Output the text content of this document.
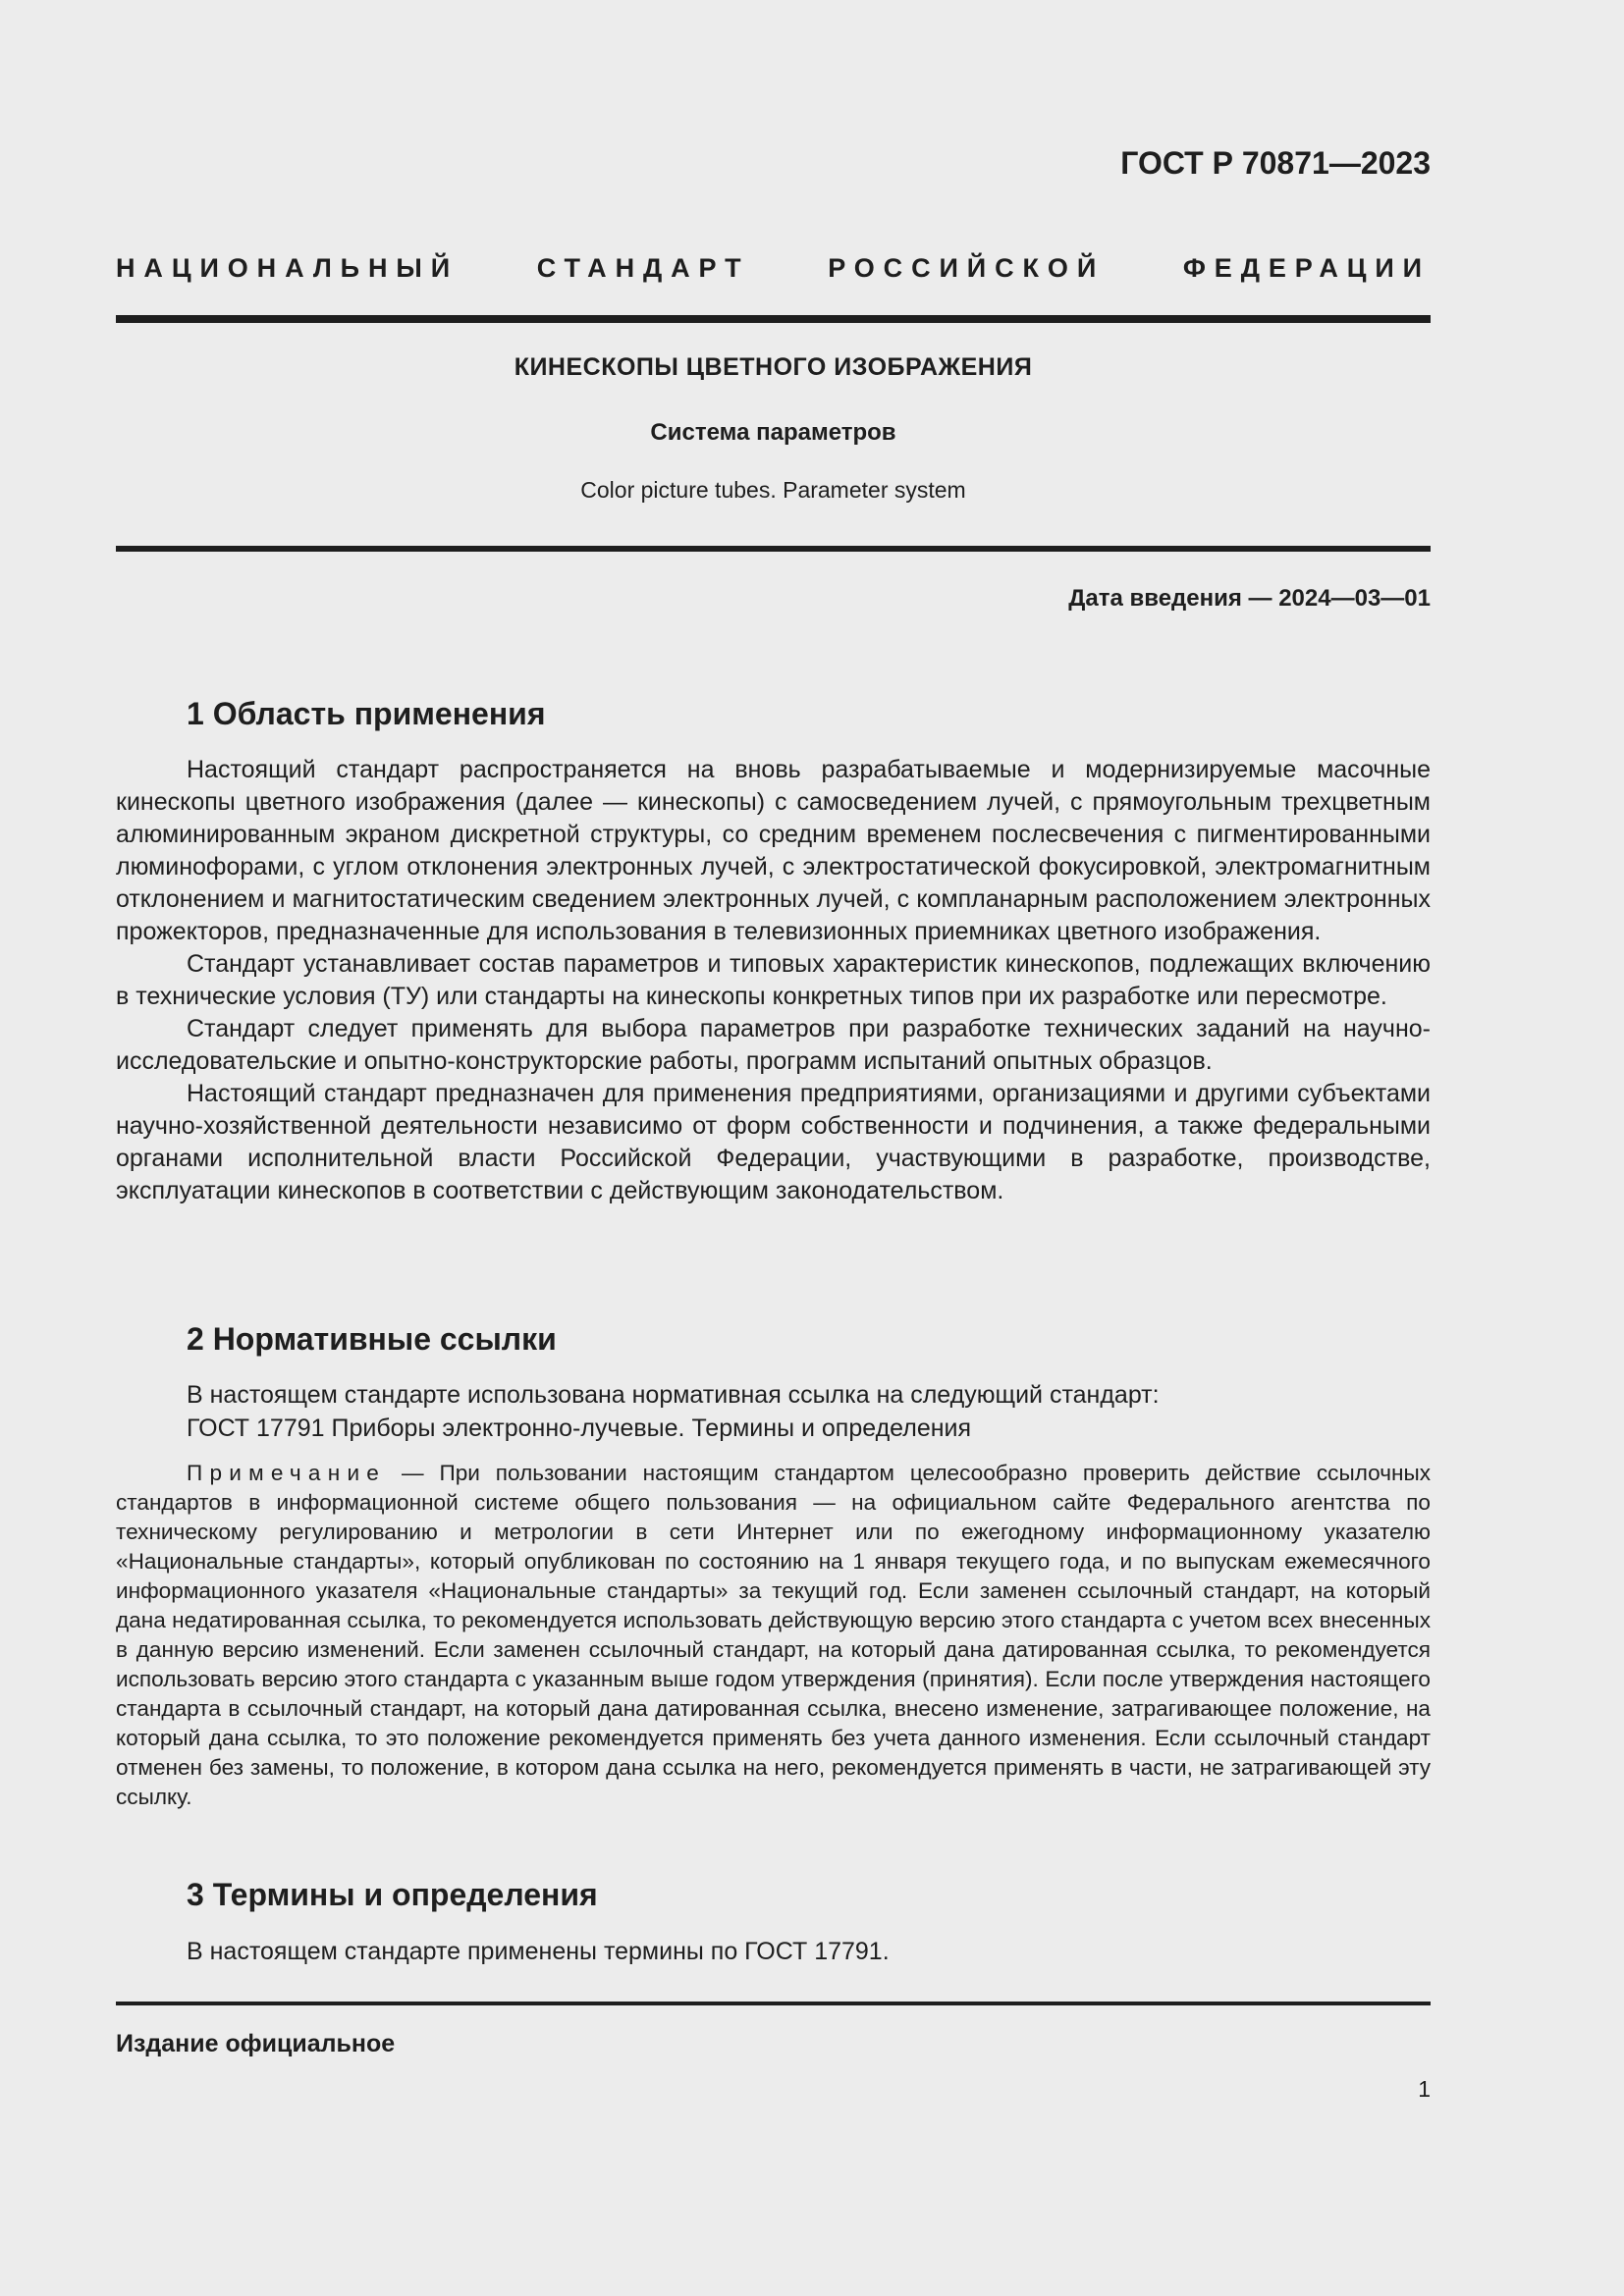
ГОСТ Р 70871—2023
НАЦИОНАЛЬНЫЙ СТАНДАРТ РОССИЙСКОЙ ФЕДЕРАЦИИ
КИНЕСКОПЫ ЦВЕТНОГО ИЗОБРАЖЕНИЯ
Система параметров
Color picture tubes. Parameter system
Дата введения — 2024—03—01
1 Область применения

Настоящий стандарт распространяется на вновь разрабатываемые и модернизируемые масочные кинескопы цветного изображения (далее — кинескопы) с самосведением лучей, с прямоугольным трехцветным алюминированным экраном дискретной структуры, со средним временем послесвечения с пигментированными люминофорами, с углом отклонения электронных лучей, с электростатической фокусировкой, электромагнитным отклонением и магнитостатическим сведением электронных лучей, с компланарным расположением электронных прожекторов, предназначенные для использования в телевизионных приемниках цветного изображения.

Стандарт устанавливает состав параметров и типовых характеристик кинескопов, подлежащих включению в технические условия (ТУ) или стандарты на кинескопы конкретных типов при их разработке или пересмотре.

Стандарт следует применять для выбора параметров при разработке технических заданий на научно-исследовательские и опытно-конструкторские работы, программ испытаний опытных образцов.

Настоящий стандарт предназначен для применения предприятиями, организациями и другими субъектами научно-хозяйственной деятельности независимо от форм собственности и подчинения, а также федеральными органами исполнительной власти Российской Федерации, участвующими в разработке, производстве, эксплуатации кинескопов в соответствии с действующим законодательством.

2 Нормативные ссылки
В настоящем стандарте использована нормативная ссылка на следующий стандарт:
ГОСТ 17791 Приборы электронно-лучевые. Термины и определения
Примечание — При пользовании настоящим стандартом целесообразно проверить действие ссылочных стандартов в информационной системе общего пользования — на официальном сайте Федерального агентства по техническому регулированию и метрологии в сети Интернет или по ежегодному информационному указателю «Национальные стандарты», который опубликован по состоянию на 1 января текущего года, и по выпускам ежемесячного информационного указателя «Национальные стандарты» за текущий год. Если заменен ссылочный стандарт, на который дана недатированная ссылка, то рекомендуется использовать действующую версию этого стандарта с учетом всех внесенных в данную версию изменений. Если заменен ссылочный стандарт, на который дана датированная ссылка, то рекомендуется использовать версию этого стандарта с указанным выше годом утверждения (принятия). Если после утверждения настоящего стандарта в ссылочный стандарт, на который дана датированная ссылка, внесено изменение, затрагивающее положение, на который дана ссылка, то это положение рекомендуется применять без учета данного изменения. Если ссылочный стандарт отменен без замены, то положение, в котором дана ссылка на него, рекомендуется применять в части, не затрагивающей эту ссылку.
3 Термины и определения
В настоящем стандарте применены термины по ГОСТ 17791.
Издание официальное
1
